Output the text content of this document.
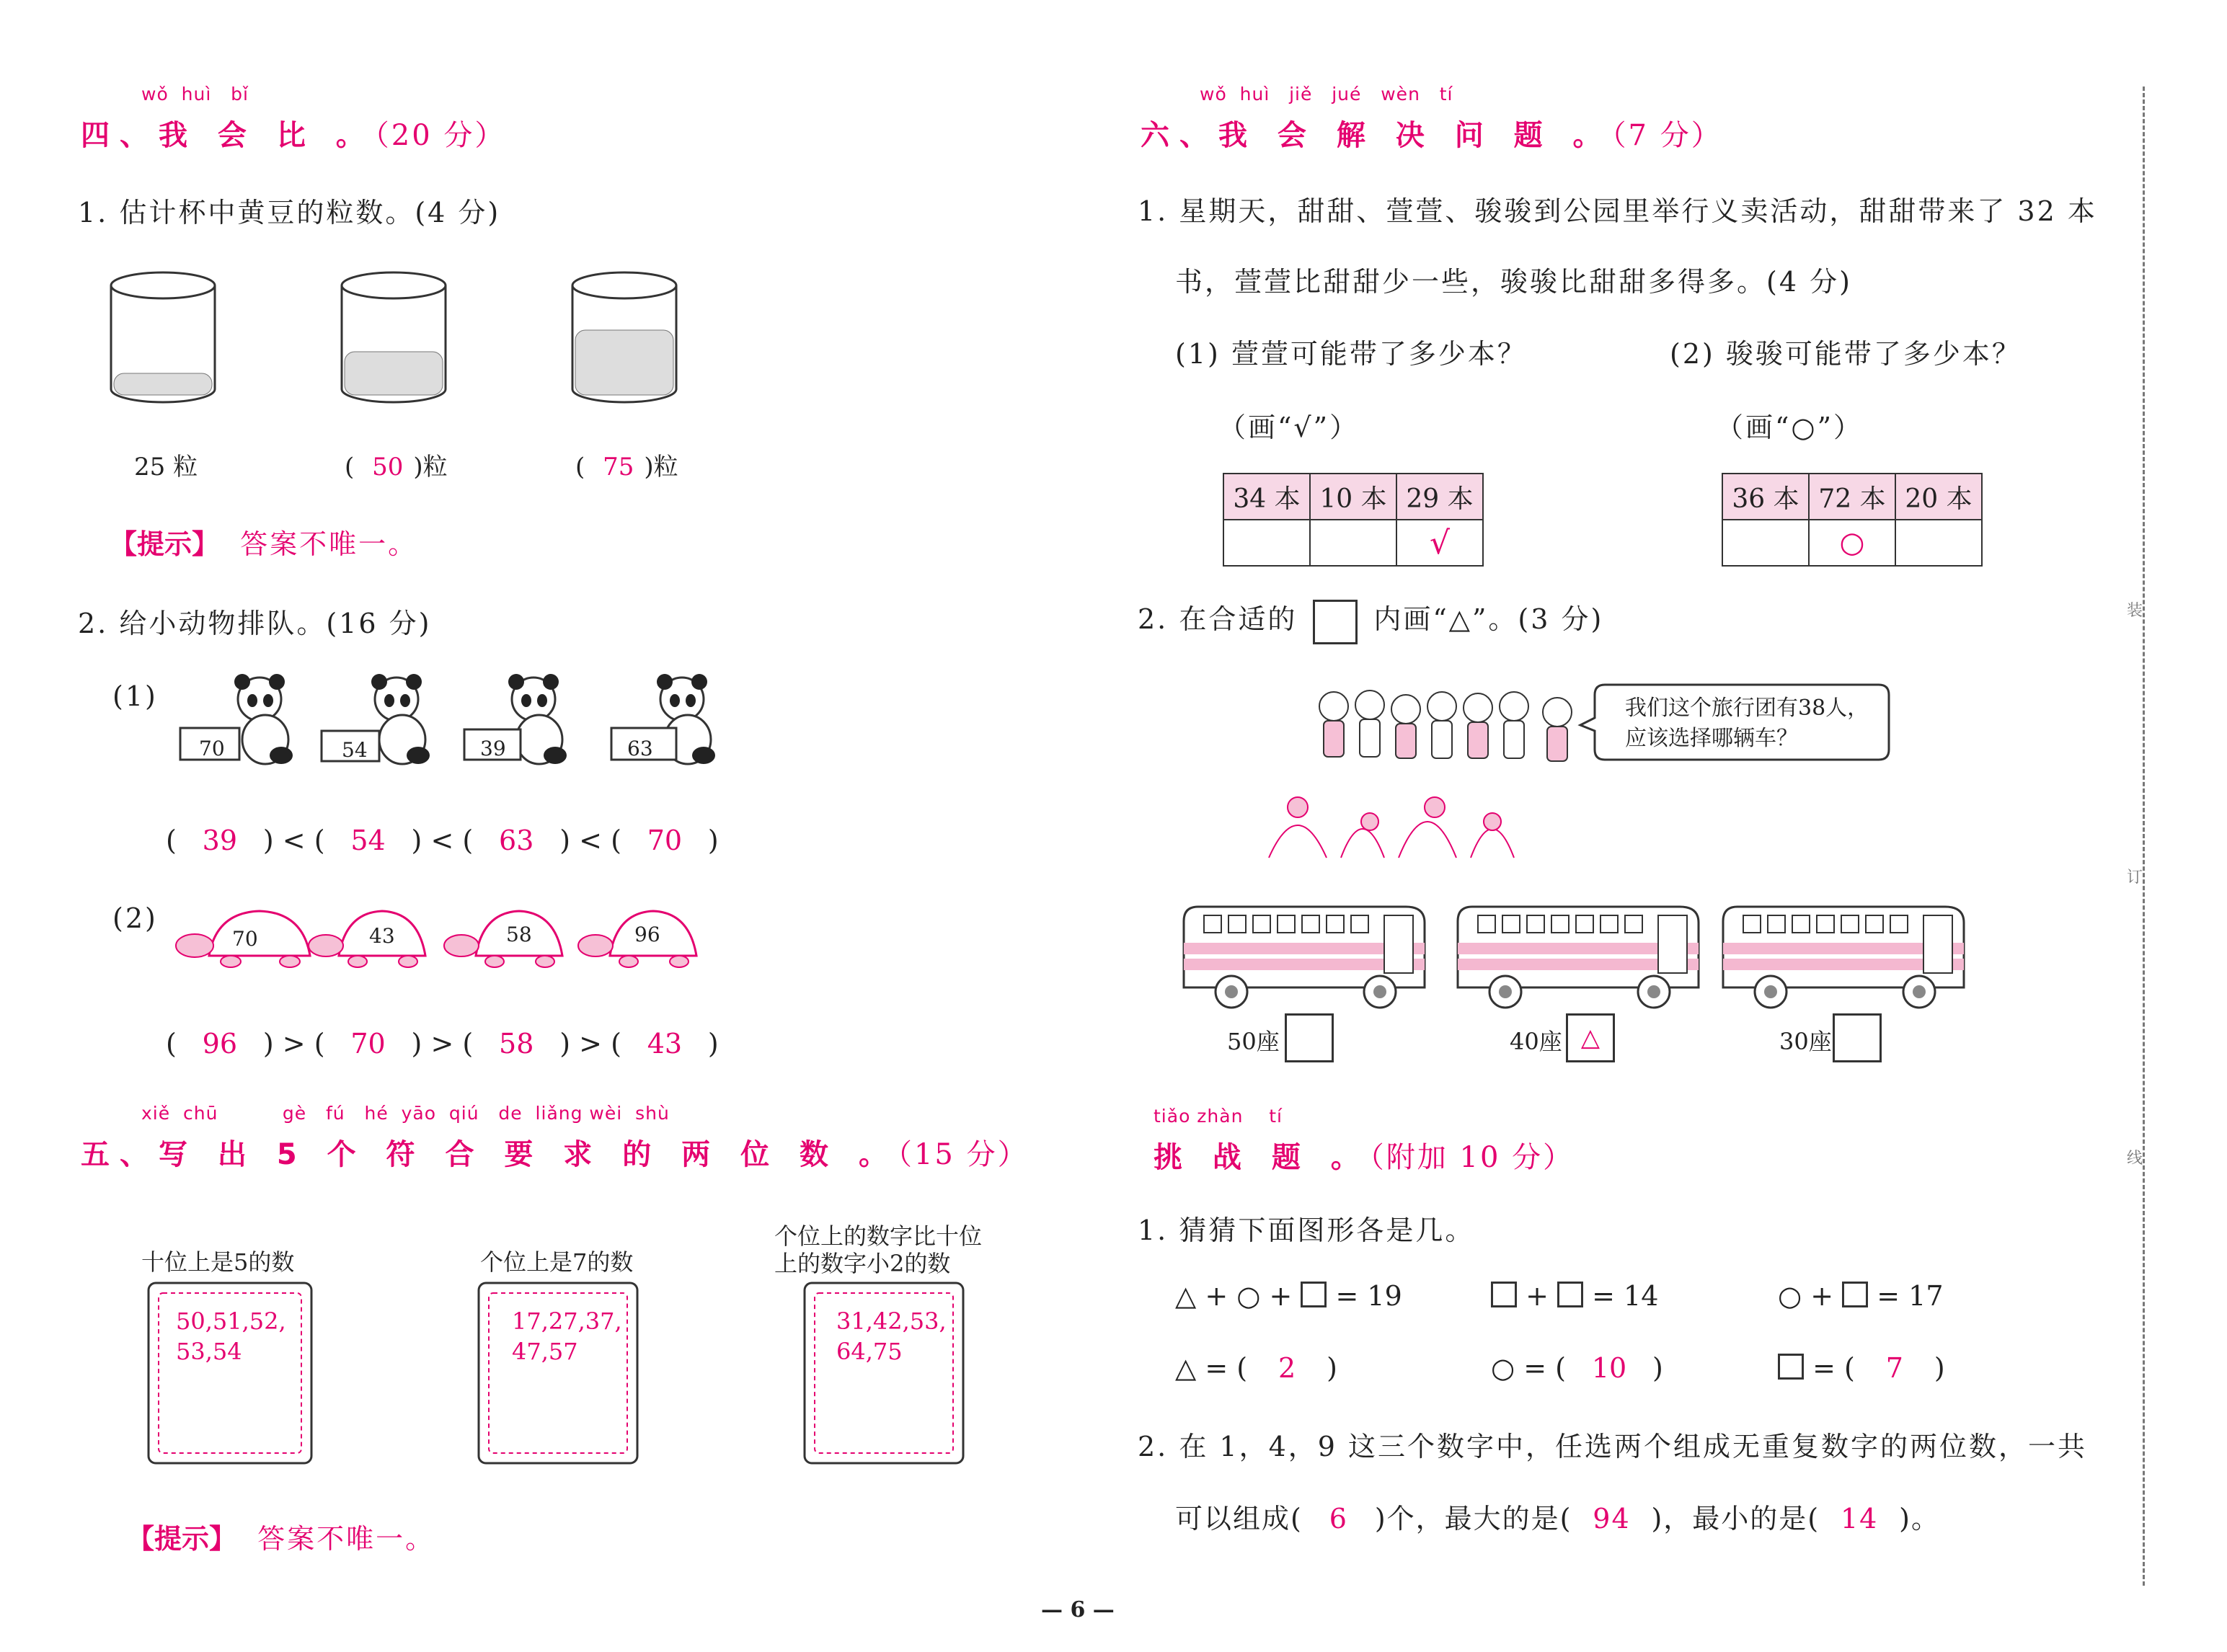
wǒ  huì   bǐ
四、我 会 比 。（20 分）
1. 估计杯中黄豆的粒数。(4 分)
25 粒	( 50 )粒	( 75 )粒
【提示】 答案不唯一。
2. 给小动物排队。(16 分)
(1)
70	54	39	63
( 39 ) < ( 54 ) < ( 63 ) < ( 70 )
(2)
70	43	58	96
( 96 ) > ( 70 ) > ( 58 ) > ( 43 )
xiě  chū          gè   fú   hé  yāo  qiú   de  liǎng wèi  shù
五、写 出 5 个 符 合 要 求 的 两 位 数 。（15 分）
十位上是5的数	个位上是7的数
个位上的数字比十位
上的数字小2的数
50,51,52,
53,54
17,27,37,
47,57
31,42,53,
64,75
【提示】 答案不唯一。
wǒ  huì   jiě   jué   wèn   tí
六、我 会 解 决 问 题 。（7 分）
1. 星期天，甜甜、萱萱、骏骏到公园里举行义卖活动，甜甜带来了 32 本
书，萱萱比甜甜少一些，骏骏比甜甜多得多。(4 分)
(1) 萱萱可能带了多少本？	(2) 骏骏可能带了多少本？
（画“√”）	（画“○”）
34 本	10 本	29 本
		√
36 本	72 本	20 本
	○	
2. 在合适的	内画“△”。(3 分)
我们这个旅行团有38人，
应该选择哪辆车？
50座	40座 △	30座
tiǎo zhàn    tí
挑 战 题 。（附加 10 分）
1. 猜猜下面图形各是几。
△ + ○ +  = 19	+  = 14	○ +  = 17
△ = ( 2 )	○ = ( 10 )	= ( 7 )
2. 在 1，4，9 这三个数字中，任选两个组成无重复数字的两位数，一共
可以组成( 6 )个，最大的是( 94 )，最小的是( 14 )。
装
订
线
— 6 —
